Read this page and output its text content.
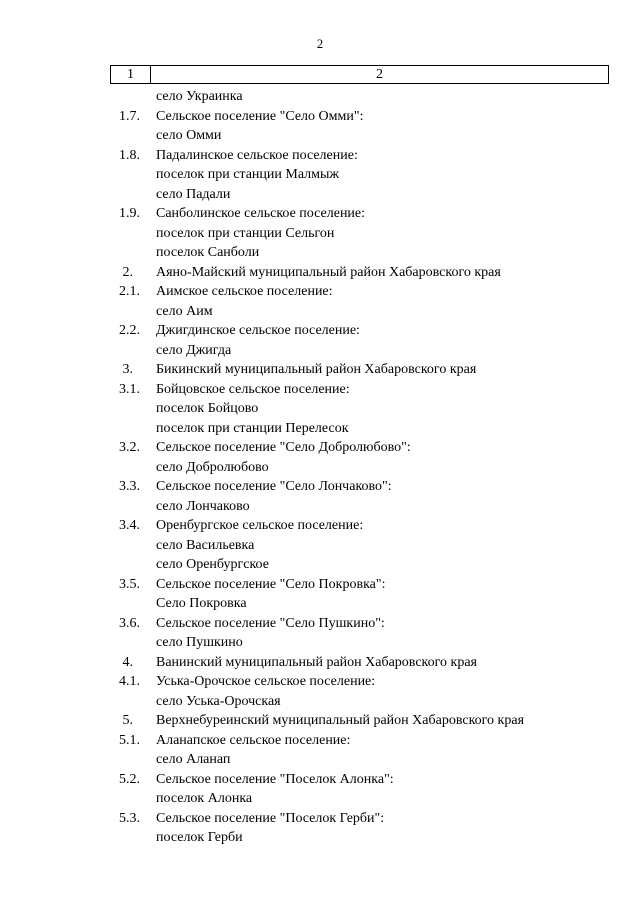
2
1	2
село Украинка
1.7. Сельское поселение "Село Омми":
село Омми
1.8. Падалинское сельское поселение:
поселок при станции Малмыж
село Падали
1.9. Санболинское сельское поселение:
поселок при станции Сельгон
поселок Санболи
2. Аяно-Майский муниципальный район Хабаровского края
2.1. Аимское сельское поселение:
село Аим
2.2. Джигдинское сельское поселение:
село Джигда
3. Бикинский муниципальный район Хабаровского края
3.1. Бойцовское сельское поселение:
поселок Бойцово
поселок при станции Перелесок
3.2. Сельское поселение "Село Добролюбово":
село Добролюбово
3.3. Сельское поселение "Село Лончаково":
село Лончаково
3.4. Оренбургское сельское поселение:
село Васильевка
село Оренбургское
3.5. Сельское поселение "Село Покровка":
Село Покровка
3.6. Сельское поселение "Село Пушкино":
село Пушкино
4. Ванинский муниципальный район Хабаровского края
4.1. Уська-Орочское сельское поселение:
село Уська-Орочская
5. Верхнебуреинский муниципальный район Хабаровского края
5.1. Аланапское сельское поселение:
село Аланап
5.2. Сельское поселение "Поселок Алонка":
поселок Алонка
5.3. Сельское поселение "Поселок Герби":
поселок Герби
